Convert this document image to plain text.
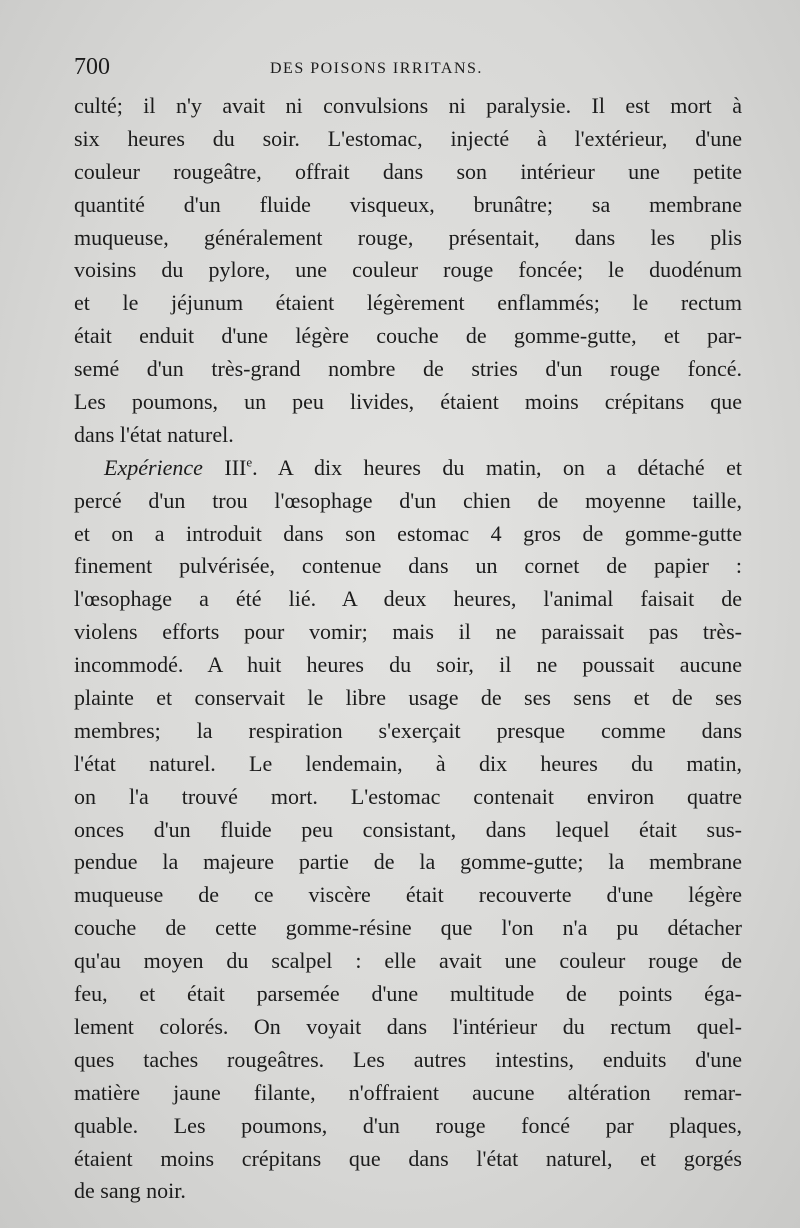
700	DES POISONS IRRITANS.
culté; il n'y avait ni convulsions ni paralysie. Il est mort à
six heures du soir. L'estomac, injecté à l'extérieur, d'une
couleur rougeâtre, offrait dans son intérieur une petite
quantité d'un fluide visqueux, brunâtre; sa membrane
muqueuse, généralement rouge, présentait, dans les plis
voisins du pylore, une couleur rouge foncée; le duodénum
et le jéjunum étaient légèrement enflammés; le rectum
était enduit d'une légère couche de gomme-gutte, et par-
semé d'un très-grand nombre de stries d'un rouge foncé.
Les poumons, un peu livides, étaient moins crépitans que
dans l'état naturel.
Expérience IIIe. A dix heures du matin, on a détaché et
percé d'un trou l'œsophage d'un chien de moyenne taille,
et on a introduit dans son estomac 4 gros de gomme-gutte
finement pulvérisée, contenue dans un cornet de papier :
l'œsophage a été lié. A deux heures, l'animal faisait de
violens efforts pour vomir; mais il ne paraissait pas très-
incommodé. A huit heures du soir, il ne poussait aucune
plainte et conservait le libre usage de ses sens et de ses
membres; la respiration s'exerçait presque comme dans
l'état naturel. Le lendemain, à dix heures du matin,
on l'a trouvé mort. L'estomac contenait environ quatre
onces d'un fluide peu consistant, dans lequel était sus-
pendue la majeure partie de la gomme-gutte; la membrane
muqueuse de ce viscère était recouverte d'une légère
couche de cette gomme-résine que l'on n'a pu détacher
qu'au moyen du scalpel : elle avait une couleur rouge de
feu, et était parsemée d'une multitude de points éga-
lement colorés. On voyait dans l'intérieur du rectum quel-
ques taches rougeâtres. Les autres intestins, enduits d'une
matière jaune filante, n'offraient aucune altération remar-
quable. Les poumons, d'un rouge foncé par plaques,
étaient moins crépitans que dans l'état naturel, et gorgés
de sang noir.
